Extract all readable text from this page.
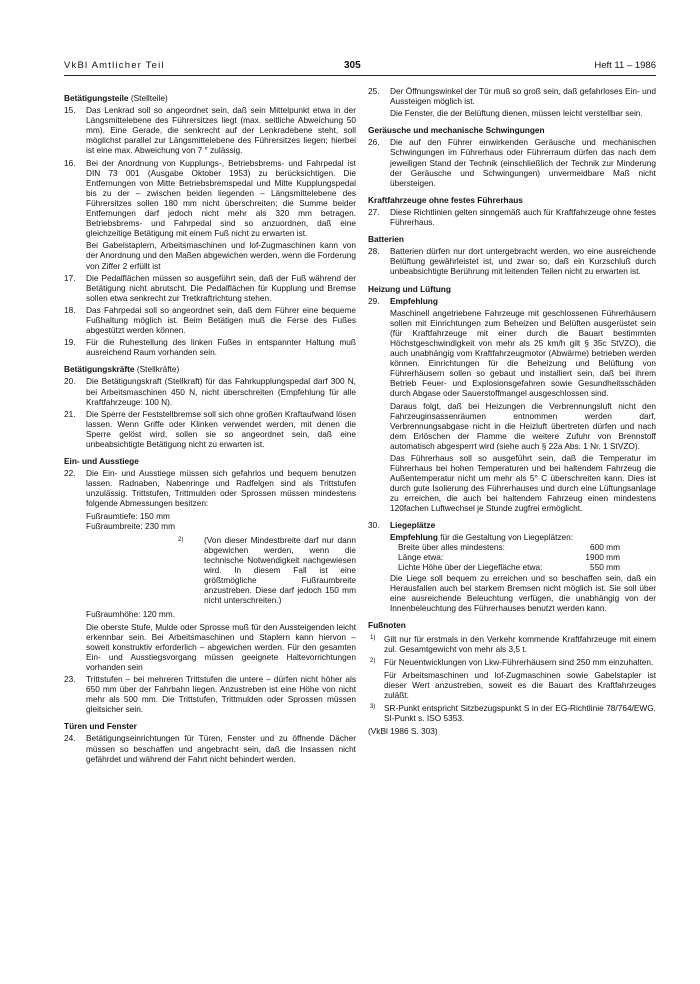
VkBl Amtlicher Teil	305	Heft 11 – 1986
Betätigungsteile (Stellteile)
15. Das Lenkrad soll so angeordnet sein, daß sein Mittelpunkt etwa in der Längsmittelebene des Führersitzes liegt (max. seitliche Abweichung 50 mm). Eine Gerade, die senkrecht auf der Lenkradebene steht, soll möglichst parallel zur Längsmittelebene des Führersitzes liegen; hierbei ist eine max. Abweichung von 7 ° zulässig.
16. Bei der Anordnung von Kupplungs-, Betriebsbrems- und Fahrpedal ist DIN 73 001 (Ausgabe Oktober 1953) zu berücksichtigen. Die Entfernungen von Mitte Betriebsbremspedal und Mitte Kupplungspedal bis zu der – zwischen beiden liegenden – Längsmittelebene des Führersitzes sollen 180 mm nicht überschreiten; die Summe beider Entfernungen darf jedoch nicht mehr als 320 mm betragen. Betriebsbrems- und Fahrpedal sind so anzuordnen, daß eine gleichzeitige Betätigung mit einem Fuß nicht zu erwarten ist.
Bei Gabelstaplern, Arbeitsmaschinen und lof-Zugmaschinen kann von der Anordnung und den Maßen abgewichen werden, wenn die Forderung von Ziffer 2 erfüllt ist
17. Die Pedalflächen müssen so ausgeführt sein, daß der Fuß während der Betätigung nicht abrutscht. Die Pedalflächen für Kupplung und Bremse sollen etwa senkrecht zur Tretkraftrichtung stehen.
18. Das Fahrpedal soll so angeordnet sein, daß dem Führer eine bequeme Fußhaltung möglich ist. Beim Betätigen muß die Ferse des Fußes abgestützt werden können.
19. Für die Ruhestellung des linken Fußes in entspannter Haltung muß ausreichend Raum vorhanden sein.
Betätigungskräfte (Stellkräfte)
20. Die Betätigungskraft (Stellkraft) für das Fahrkupplungspedal darf 300 N, bei Arbeitsmaschinen 450 N, nicht überschreiten (Empfehlung für alle Kraftfahrzeuge: 100 N).
21. Die Sperre der Feststellbremse soll sich ohne großen Kraftaufwand lösen lassen. Wenn Griffe oder Klinken verwendet werden, mit denen die Sperre gelöst wird, sollen sie so angeordnet sein, daß eine unbeabsichtigte Betätigung nicht zu erwarten ist.
Ein- und Ausstiege
22. Die Ein- und Ausstiege müssen sich gefahrlos und bequem benutzen lassen. Radnaben, Nabenringe und Radfelgen sind als Trittstufen unzulässig. Trittstufen, Trittmulden oder Sprossen müssen mindestens folgende Abmessungen besitzen:
Fußraumtiefe: 150 mm
Fußraumbreite: 230 mm
2) (Von dieser Mindestbreite darf nur dann abgewichen werden, wenn die technische Notwendigkeit nachgewiesen wird. In diesem Fall ist eine größtmögliche Fußraumbreite anzustreben. Diese darf jedoch 150 mm nicht unterschreiten.)
Fußraumhöhe: 120 mm.
Die oberste Stufe, Mulde oder Sprosse muß für den Aussteigenden leicht erkennbar sein. Bei Arbeitsmaschinen und Staplern kann hiervon – soweit konstruktiv erforderlich – abgewichen werden. Für den gesamten Ein- und Ausstiegsvorgang müssen geeignete Haltevorrichtungen vorhanden sein
23. Trittstufen – bei mehreren Trittstufen die untere – dürfen nicht höher als 650 mm über der Fahrbahn liegen. Anzustreben ist eine Höhe von nicht mehr als 500 mm. Die Trittstufen, Trittmulden oder Sprossen müssen gleitsicher sein.
Türen und Fenster
24. Betätigungseinrichtungen für Türen, Fenster und zu öffnende Dächer müssen so beschaffen und angebracht sein, daß die Insassen nicht gefährdet und während der Fahrt nicht behindert werden.
25. Der Öffnungswinkel der Tür muß so groß sein, daß gefahrloses Ein- und Aussteigen möglich ist.
Die Fenster, die der Belüftung dienen, müssen leicht verstellbar sein.
Geräusche und mechanische Schwingungen
26. Die auf den Führer einwirkenden Geräusche und mechanischen Schwingungen im Führerhaus oder Führerraum dürfen das nach dem jeweiligen Stand der Technik (einschließlich der Technik zur Minderung der Geräusche und Schwingungen) unvermeidbare Maß nicht übersteigen.
Kraftfahrzeuge ohne festes Führerhaus
27. Diese Richtlinien gelten sinngemäß auch für Kraftfahrzeuge ohne festes Führerhaus.
Batterien
28. Batterien dürfen nur dort untergebracht werden, wo eine ausreichende Belüftung gewährleistet ist, und zwar so, daß ein Kurzschluß durch unbeabsichtigte Berührung mit leitenden Teilen nicht zu erwarten ist.
Heizung und Lüftung
29. Empfehlung
Maschinell angetriebene Fahrzeuge mit geschlossenen Führerhäusern sollen mit Einrichtungen zum Beheizen und Belüften ausgerüstet sein (für Kraftfahrzeuge mit einer durch die Bauart bestimmten Höchstgeschwindigkeit von mehr als 25 km/h gilt § 35c StVZO), die auch unabhängig vom Kraftfahrzeugmotor (Abwärme) betrieben werden können. Einrichtungen für die Beheizung und Belüftung von Führerhäusern sollen so gebaut und installiert sein, daß bei ihrem Betrieb Feuer- und Explosionsgefahren sowie Gesundheitsschäden durch Abgase oder Sauerstoffmangel ausgeschlossen sind.
Daraus folgt, daß bei Heizungen die Verbrennungsluft nicht den Fahrzeuginsassenräumen entnommen werden darf, Verbrennungsabgase nicht in die Heizluft übertreten dürfen und nach dem Erlöschen der Flamme die weitere Zufuhr von Brennstoff automatisch abgesperrt wird (siehe auch § 22a Abs. 1 Nr. 1 StVZO).
Das Führerhaus soll so ausgeführt sein, daß die Temperatur im Führerhaus bei hohen Temperaturen und bei haltendem Fahrzeug die Außentemperatur nicht um mehr als 5° C überschreiten kann. Dies ist durch gute Isolierung des Führerhauses und durch eine Lüftungsanlage zu erreichen, die auch bei haltendem Fahrzeug einen mindestens 120fachen Luftwechsel je Stunde zugfrei ermöglicht.
30. Liegeplätze
Empfehlung für die Gestaltung von Liegeplätzen:
Breite über alles mindestens:	600 mm
Länge etwa:	1900 mm
Lichte Höhe über der Liegefläche etwa:	550 mm
Die Liege soll bequem zu erreichen und so beschaffen sein, daß ein Herausfallen auch bei starkem Bremsen nicht möglich ist. Sie soll über eine ausreichende Beleuchtung verfügen, die unabhängig von der Innenbeleuchtung des Führerhauses benutzt werden kann.
Fußnoten
1) Gilt nur für erstmals in den Verkehr kommende Kraftfahrzeuge mit einem zul. Gesamtgewicht von mehr als 3,5 t.
2) Für Neuentwicklungen von Lkw-Führerhäusern sind 250 mm einzuhalten.
Für Arbeitsmaschinen und lof-Zugmaschinen sowie Gabelstapler ist dieser Wert anzustreben, soweit es die Bauart des Kraftfahrzeuges zuläßt.
3) SR-Punkt entspricht Sitzbezugspunkt S in der EG-Richtlinie 78/764/EWG. SI-Punkt s. ISO 5353.
(VkBl 1986 S. 303)
